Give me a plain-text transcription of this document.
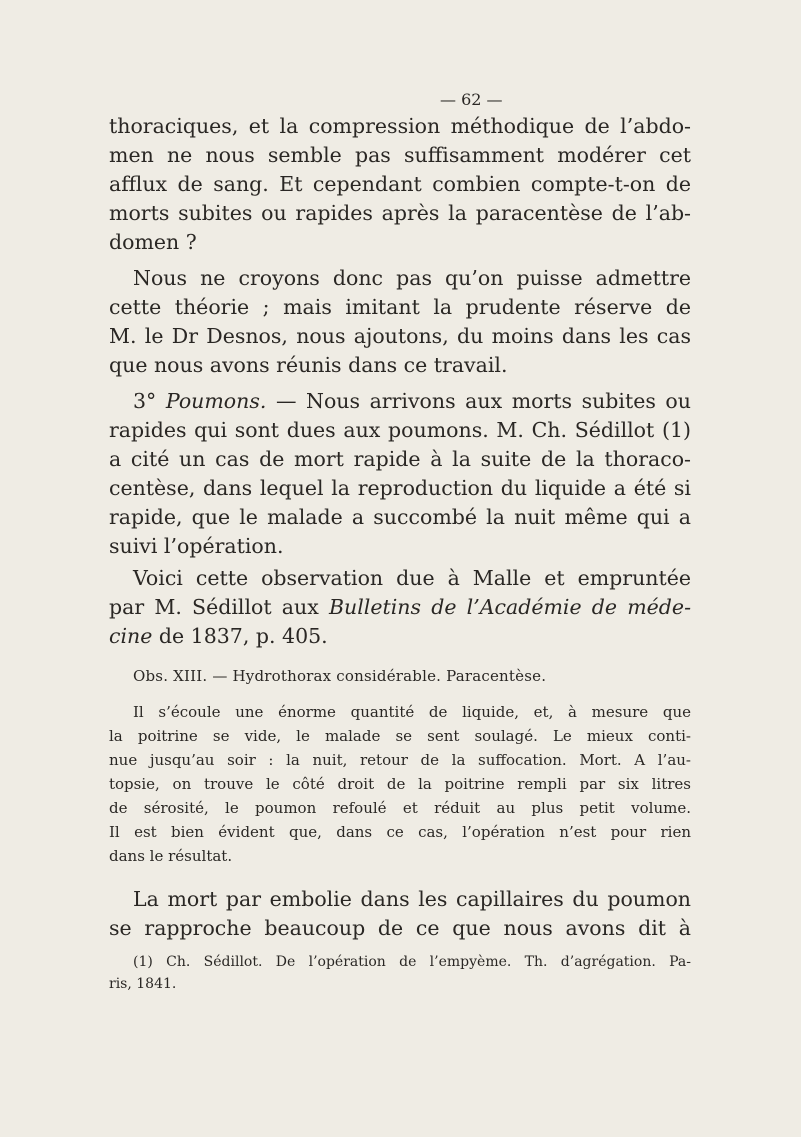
— 62 —
thoraciques, et la compression méthodique de l’abdo-
men ne nous semble pas suffisamment modérer cet
afflux de sang. Et cependant combien compte-t-on de
morts subites ou rapides après la paracentèse de l’ab-
domen ?
Nous ne croyons donc pas qu’on puisse admettre
cette théorie ; mais imitant la prudente réserve de
M. le Dr Desnos, nous ajoutons, du moins dans les cas
que nous avons réunis dans ce travail.
3° Poumons. — Nous arrivons aux morts subites ou
rapides qui sont dues aux poumons. M. Ch. Sédillot (1)
a cité un cas de mort rapide à la suite de la thoraco-
centèse, dans lequel la reproduction du liquide a été si
rapide, que le malade a succombé la nuit même qui a
suivi l’opération.
Voici cette observation due à Malle et empruntée
par M. Sédillot aux Bulletins de l’Académie de méde-
cine de 1837, p. 405.
Obs. XIII. — Hydrothorax considérable. Paracentèse.
Il s’écoule une énorme quantité de liquide, et, à mesure que
la poitrine se vide, le malade se sent soulagé. Le mieux conti-
nue jusqu’au soir : la nuit, retour de la suffocation. Mort. A l’au-
topsie, on trouve le côté droit de la poitrine rempli par six litres
de sérosité, le poumon refoulé et réduit au plus petit volume.
Il est bien évident que, dans ce cas, l’opération n’est pour rien
dans le résultat.
La mort par embolie dans les capillaires du poumon
se rapproche beaucoup de ce que nous avons dit à
(1) Ch. Sédillot. De l’opération de l’empyème. Th. d’agrégation. Pa-
ris, 1841.
